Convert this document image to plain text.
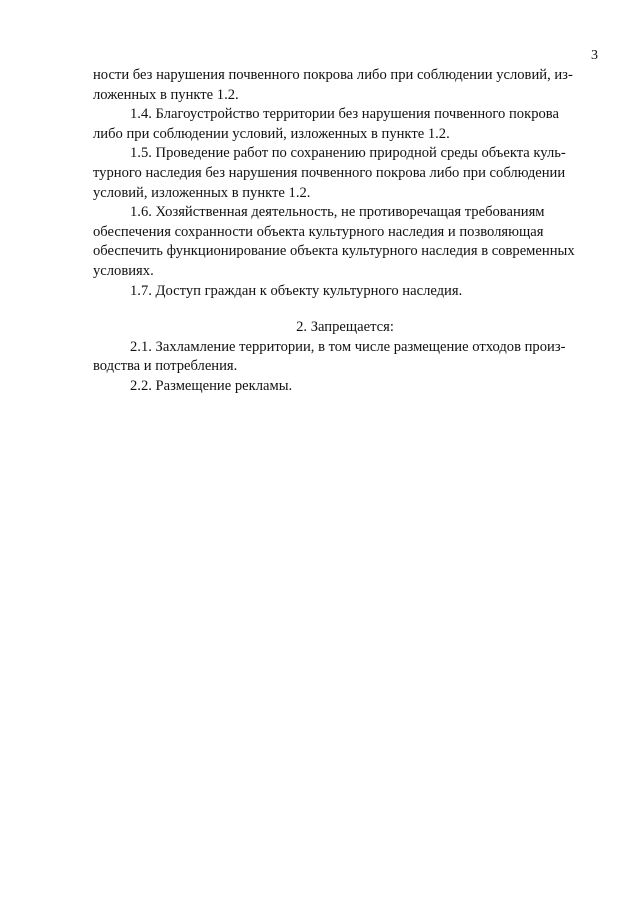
3

ности без нарушения почвенного покрова либо при соблюдении условий, из-
ложенных в пункте 1.2.

1.4. Благоустройство территории без нарушения почвенного покрова
либо при соблюдении условий, изложенных в пункте 1.2.

1.5. Проведение работ по сохранению природной среды объекта куль-
турного наследия без нарушения почвенного покрова либо при соблюдении
условий, изложенных в пункте 1.2.

1.6. Хозяйственная деятельность, не противоречащая требованиям
обеспечения сохранности объекта культурного наследия и позволяющая
обеспечить функционирование объекта культурного наследия в современных
условиях.

1.7. Доступ граждан к объекту культурного наследия.

2. Запрещается:

2.1. Захламление территории, в том числе размещение отходов произ-
водства и потребления.

2.2. Размещение рекламы.
